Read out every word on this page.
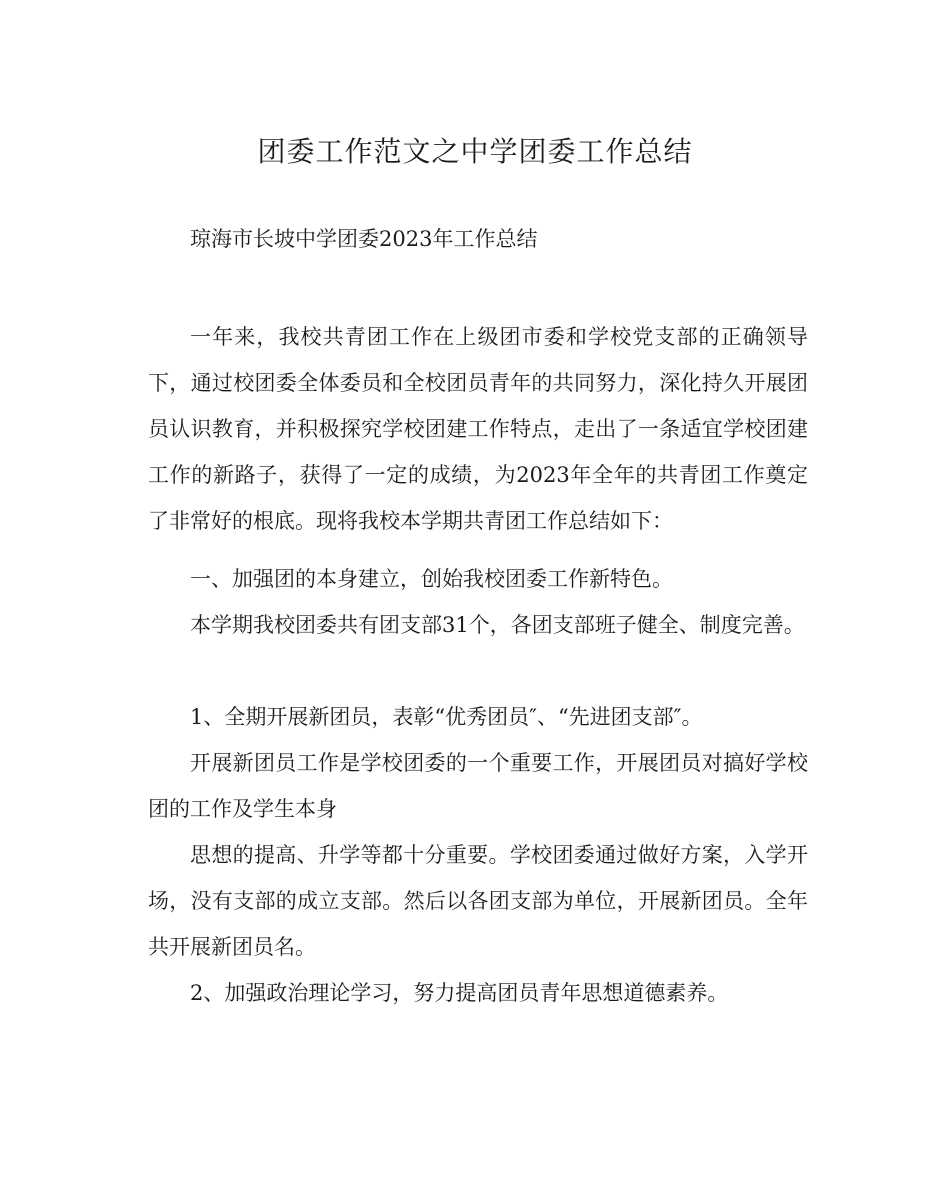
团委工作范文之中学团委工作总结

琼海市长坡中学团委2023年工作总结

一年来，我校共青团工作在上级团市委和学校党支部的正确领导下，通过校团委全体委员和全校团员青年的共同努力，深化持久开展团员认识教育，并积极探究学校团建工作特点，走出了一条适宜学校团建工作的新路子，获得了一定的成绩，为2023年全年的共青团工作奠定了非常好的根底。现将我校本学期共青团工作总结如下：

一、加强团的本身建立，创始我校团委工作新特色。

本学期我校团委共有团支部31个，各团支部班子健全、制度完善。

1、全期开展新团员，表彰“优秀团员″、“先进团支部″。

开展新团员工作是学校团委的一个重要工作，开展团员对搞好学校团的工作及学生本身

思想的提高、升学等都十分重要。学校团委通过做好方案，入学开场，没有支部的成立支部。然后以各团支部为单位，开展新团员。全年共开展新团员名。

2、加强政治理论学习，努力提高团员青年思想道德素养。
